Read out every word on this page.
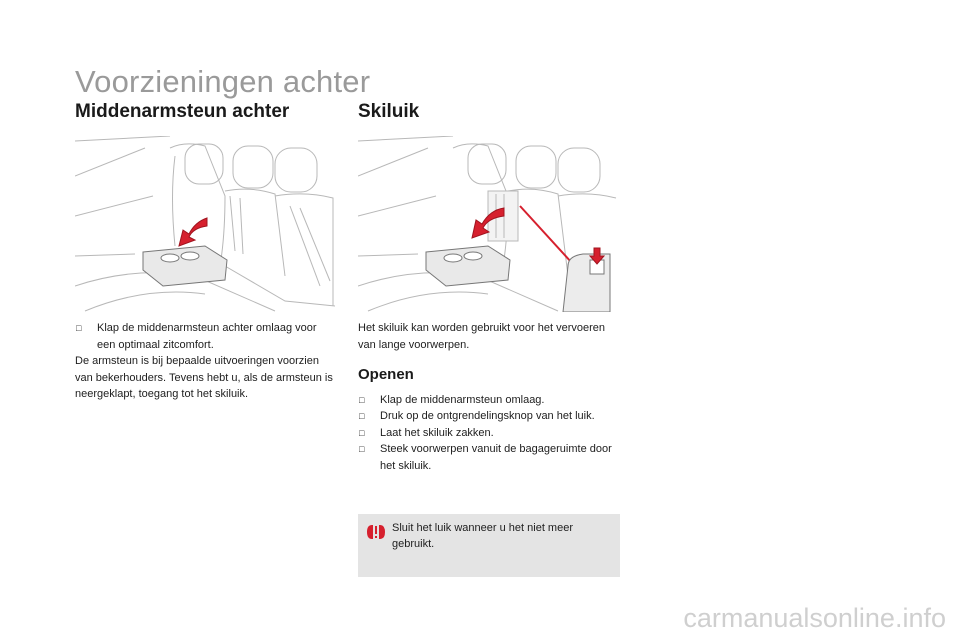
Voorzieningen achter
Middenarmsteun achter
□ Klap de middenarmsteun achter omlaag voor een optimaal zitcomfort.
De armsteun is bij bepaalde uitvoeringen voorzien van bekerhouders. Tevens hebt u, als de armsteun is neergeklapt, toegang tot het skiluik.
Skiluik
Het skiluik kan worden gebruikt voor het vervoeren van lange voorwerpen.
Openen
□ Klap de middenarmsteun omlaag.
□ Druk op de ontgrendelingsknop van het luik.
□ Laat het skiluik zakken.
□ Steek voorwerpen vanuit de bagageruimte door het skiluik.
Sluit het luik wanneer u het niet meer gebruikt.
carmanualsonline.info
